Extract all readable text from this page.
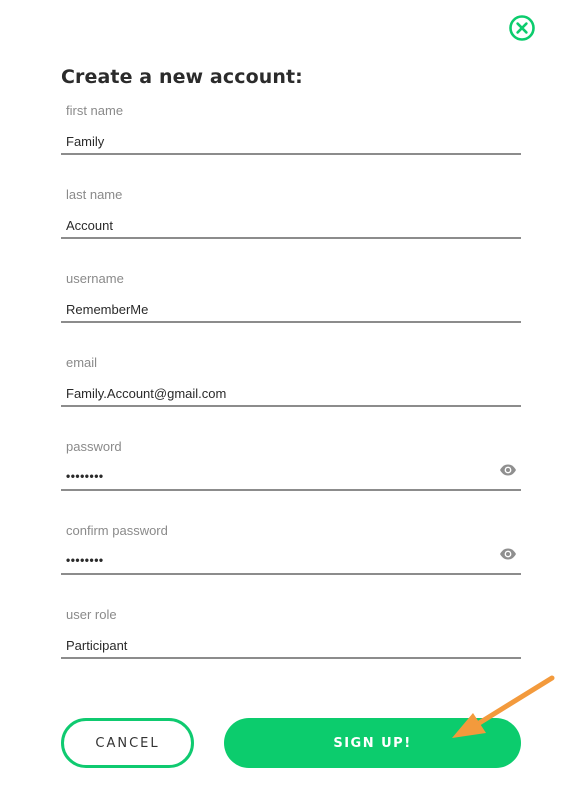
Create a new account:
first name
Family
last name
Account
username
RememberMe
email
Family.Account@gmail.com
password
••••••••
confirm password
••••••••
user role
Participant
CANCEL	SIGN UP!
